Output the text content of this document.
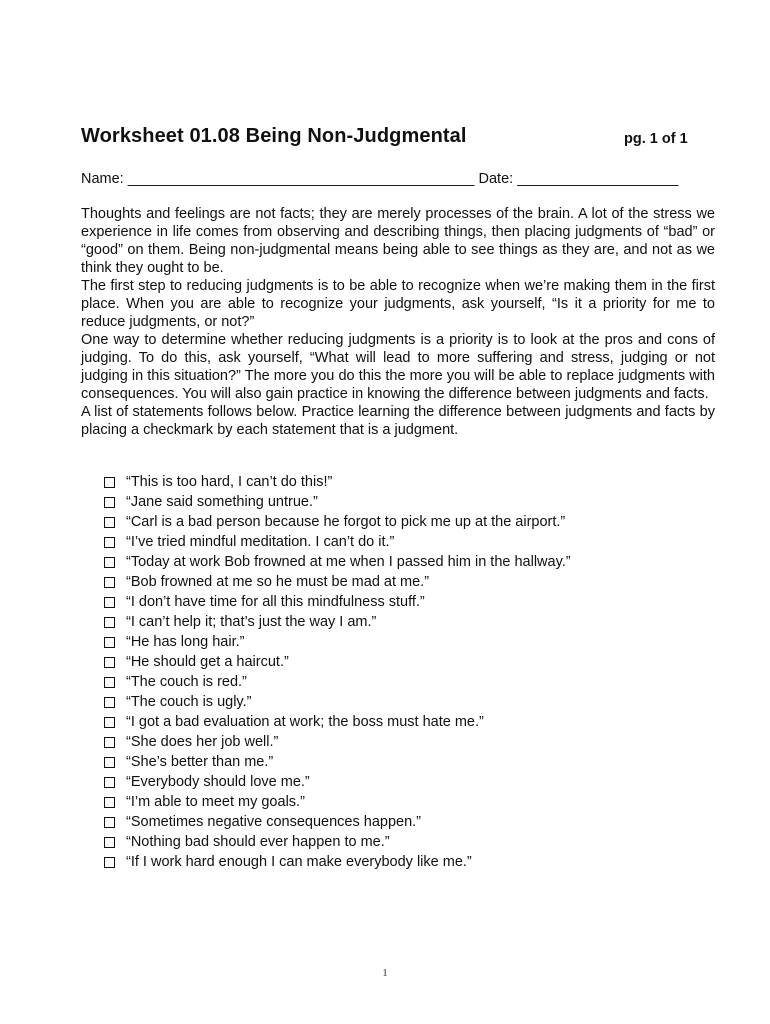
Worksheet 01.08 Being Non-Judgmental	pg. 1 of 1
Name: ___________________________________________ Date: ____________________

Thoughts and feelings are not facts; they are merely processes of the brain. A lot of the stress we experience in life comes from observing and describing things, then placing judgments of “bad” or “good” on them. Being non-judgmental means being able to see things as they are, and not as we think they ought to be.

The first step to reducing judgments is to be able to recognize when we’re making them in the first place. When you are able to recognize your judgments, ask yourself, “Is it a priority for me to reduce judgments, or not?”

One way to determine whether reducing judgments is a priority is to look at the pros and cons of judging. To do this, ask yourself, “What will lead to more suffering and stress, judging or not judging in this situation?” The more you do this the more you will be able to replace judgments with consequences. You will also gain practice in knowing the difference between judgments and facts.

A list of statements follows below. Practice learning the difference between judgments and facts by placing a checkmark by each statement that is a judgment.

“This is too hard, I can’t do this!”
“Jane said something untrue.”
“Carl is a bad person because he forgot to pick me up at the airport.”
“I’ve tried mindful meditation. I can’t do it.”
“Today at work Bob frowned at me when I passed him in the hallway.”
“Bob frowned at me so he must be mad at me.”
“I don’t have time for all this mindfulness stuff.”
“I can’t help it; that’s just the way I am.”
“He has long hair.”
“He should get a haircut.”
“The couch is red.”
“The couch is ugly.”
“I got a bad evaluation at work; the boss must hate me.”
“She does her job well.”
“She’s better than me.”
“Everybody should love me.”
“I’m able to meet my goals.”
“Sometimes negative consequences happen.”
“Nothing bad should ever happen to me.”
“If I work hard enough I can make everybody like me.”
1
